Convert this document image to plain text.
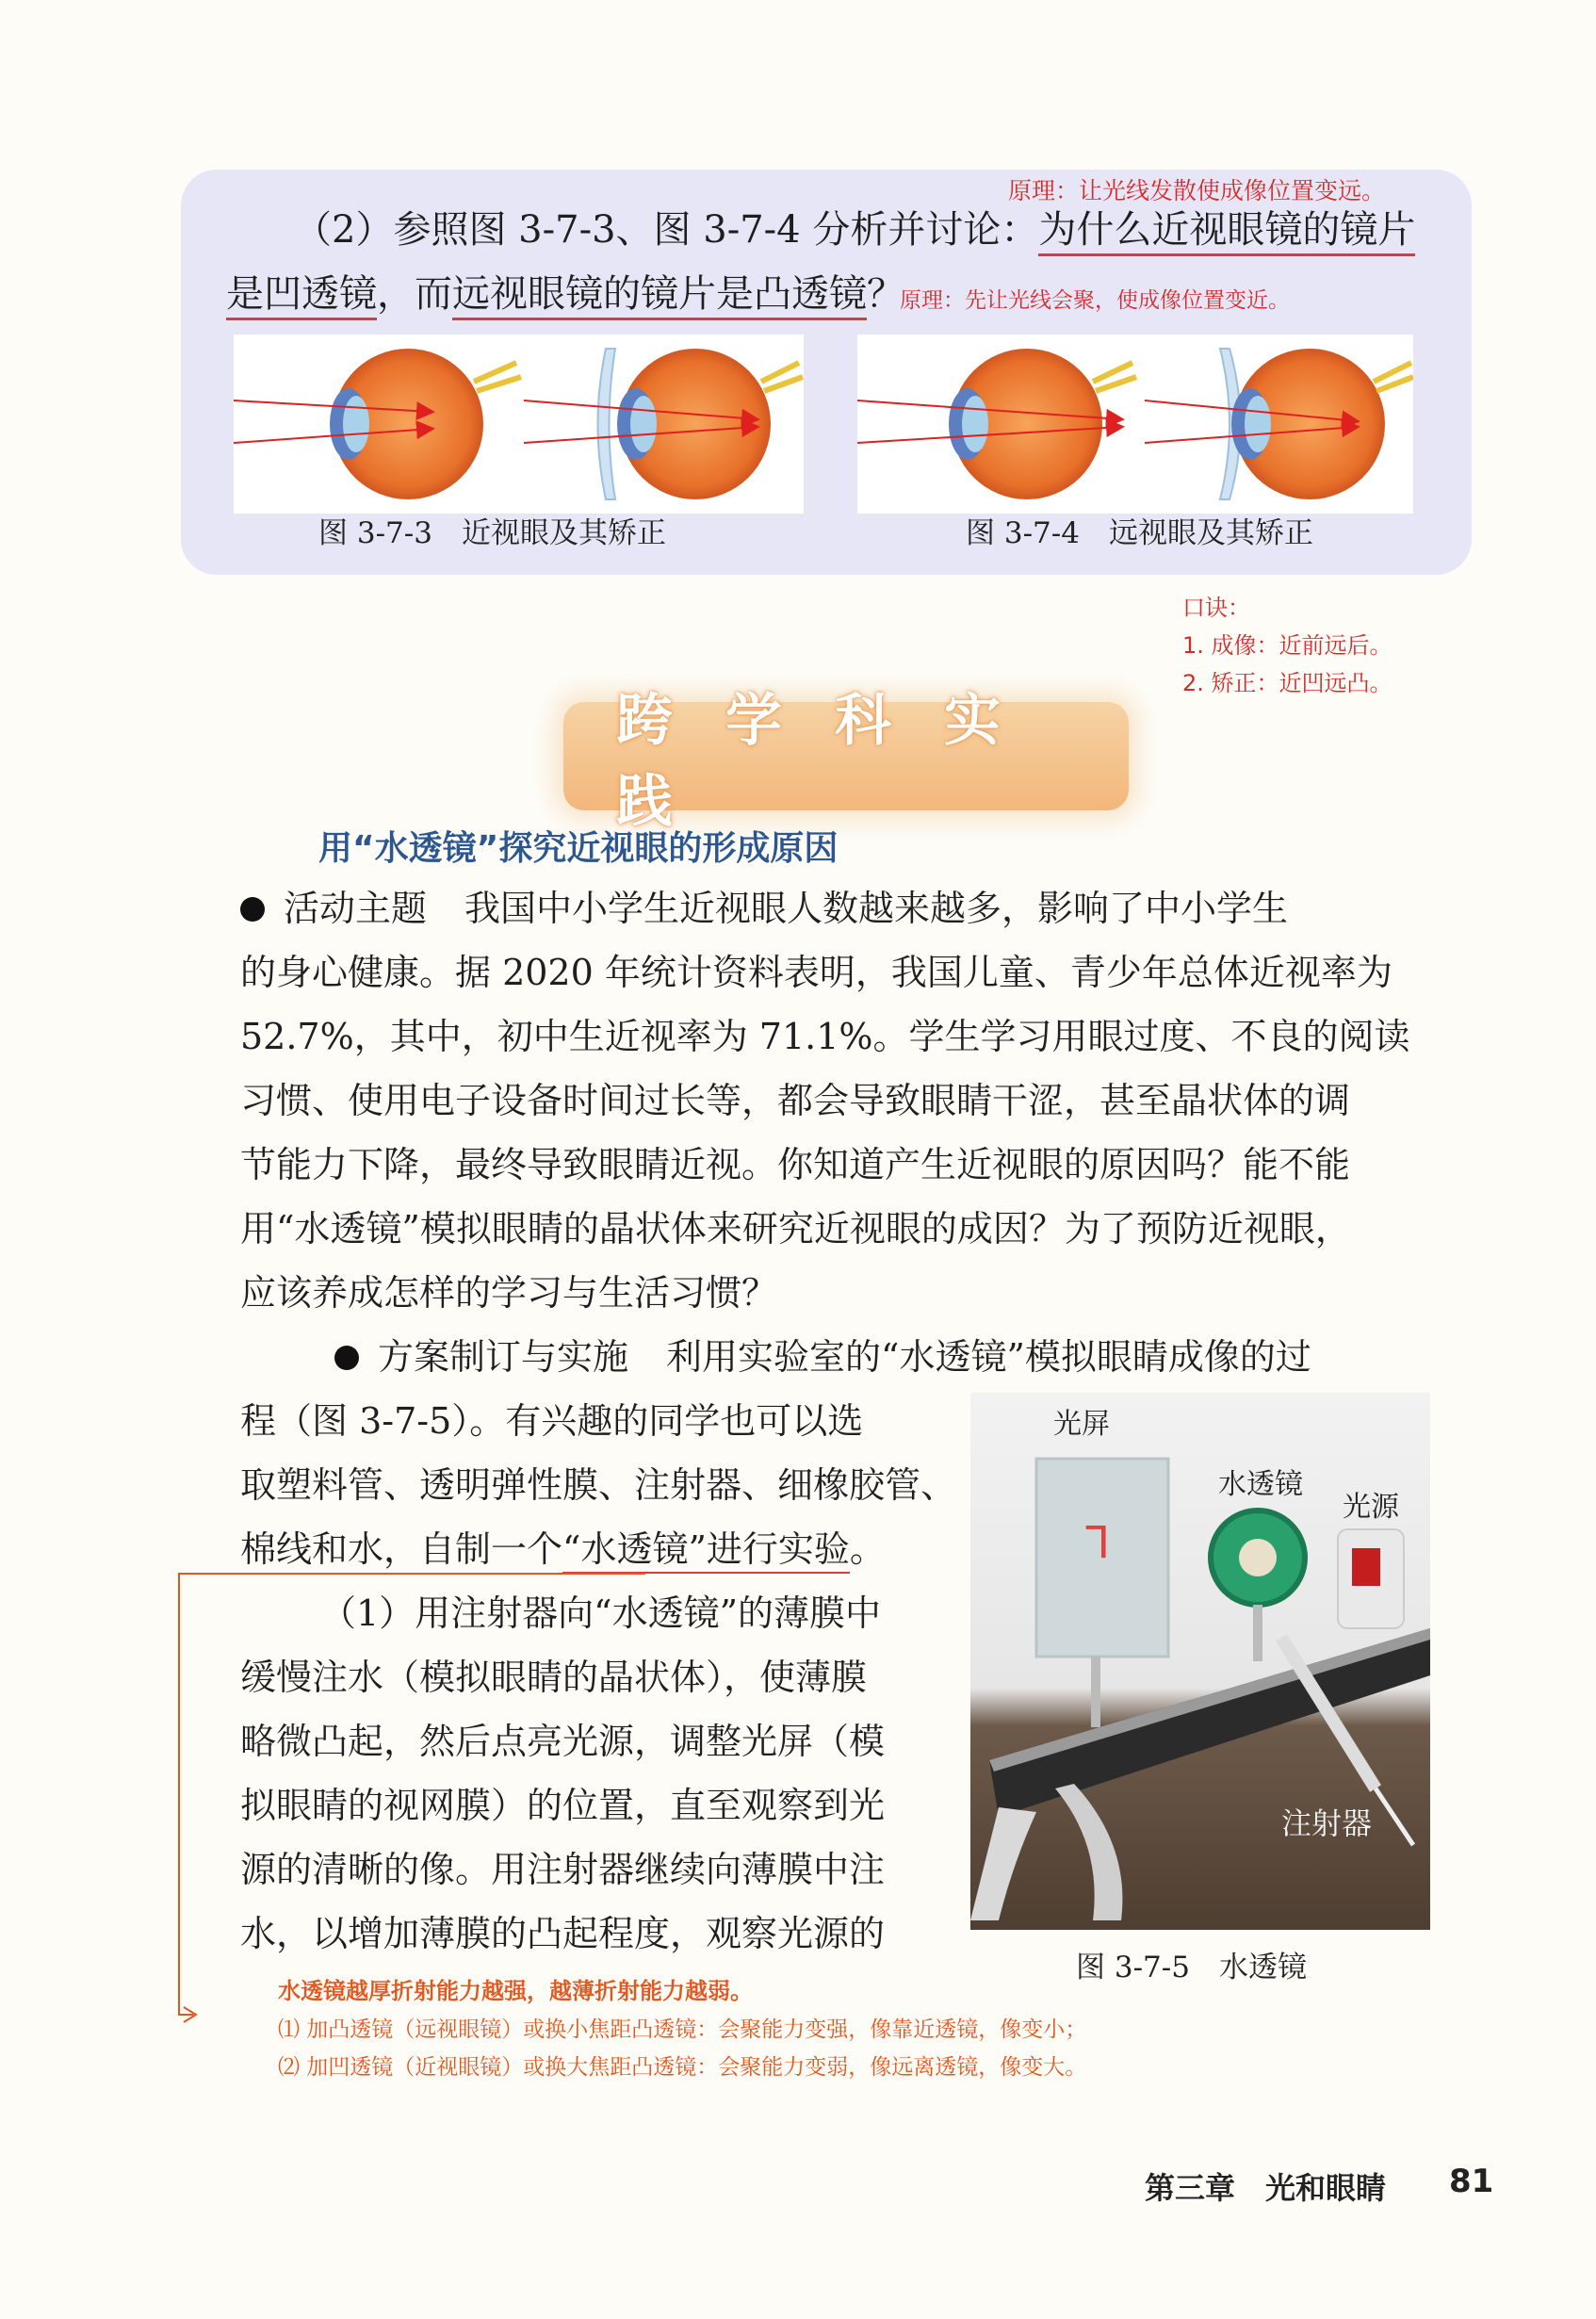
原理：让光线发散使成像位置变远。
（2）参照图 3-7-3、图 3-7-4 分析并讨论：为什么近视眼镜的镜片
是凹透镜，而远视眼镜的镜片是凸透镜？
原理：先让光线会聚，使成像位置变近。
图 3-7-3　近视眼及其矫正	图 3-7-4　远视眼及其矫正
口诀：
1. 成像：近前远后。
2. 矫正：近凹远凸。
跨学科实践
用“水透镜”探究近视眼的形成原因
活动主题 我国中小学生近视眼人数越来越多，影响了中小学生
的身心健康。据 2020 年统计资料表明，我国儿童、青少年总体近视率为
52.7%，其中，初中生近视率为 71.1%。学生学习用眼过度、不良的阅读
习惯、使用电子设备时间过长等，都会导致眼睛干涩，甚至晶状体的调
节能力下降，最终导致眼睛近视。你知道产生近视眼的原因吗？能不能
用“水透镜”模拟眼睛的晶状体来研究近视眼的成因？为了预防近视眼，
应该养成怎样的学习与生活习惯？
方案制订与实施 利用实验室的“水透镜”模拟眼睛成像的过
程（图 3-7-5）。有兴趣的同学也可以选
取塑料管、透明弹性膜、注射器、细橡胶管、
棉线和水，自制一个“水透镜”进行实验。
（1）用注射器向“水透镜”的薄膜中
缓慢注水（模拟眼睛的晶状体），使薄膜
略微凸起，然后点亮光源，调整光屏（模
拟眼睛的视网膜）的位置，直至观察到光
源的清晰的像。用注射器继续向薄膜中注
水，以增加薄膜的凸起程度，观察光源的
ᒣ
光屏
水透镜
光源
注射器
图 3-7-5　水透镜
水透镜越厚折射能力越强，越薄折射能力越弱。
⑴ 加凸透镜（远视眼镜）或换小焦距凸透镜：会聚能力变强，像靠近透镜，像变小；
⑵ 加凹透镜（近视眼镜）或换大焦距凸透镜：会聚能力变弱，像远离透镜，像变大。
第三章　光和眼睛 81
